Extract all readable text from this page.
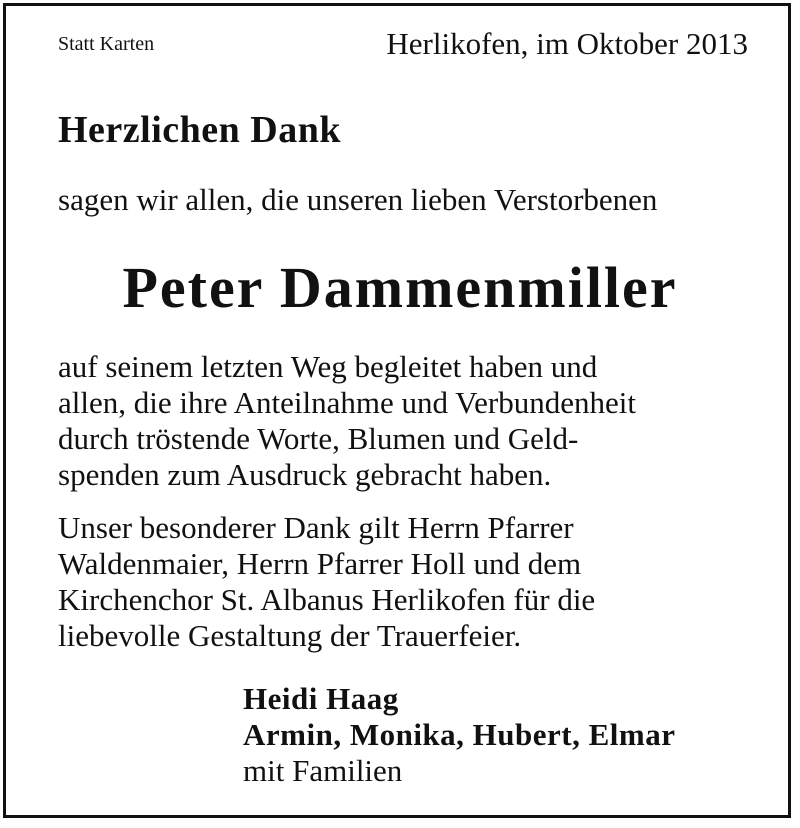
Statt Karten	Herlikofen, im Oktober 2013
Herzlichen Dank
sagen wir allen, die unseren lieben Verstorbenen
Peter Dammenmiller
auf seinem letzten Weg begleitet haben und
allen, die ihre Anteilnahme und Verbundenheit
durch tröstende Worte, Blumen und Geld-
spenden zum Ausdruck gebracht haben.
Unser besonderer Dank gilt Herrn Pfarrer
Waldenmaier, Herrn Pfarrer Holl und dem
Kirchenchor St. Albanus Herlikofen für die
liebevolle Gestaltung der Trauerfeier.
Heidi Haag
Armin, Monika, Hubert, Elmar
mit Familien
